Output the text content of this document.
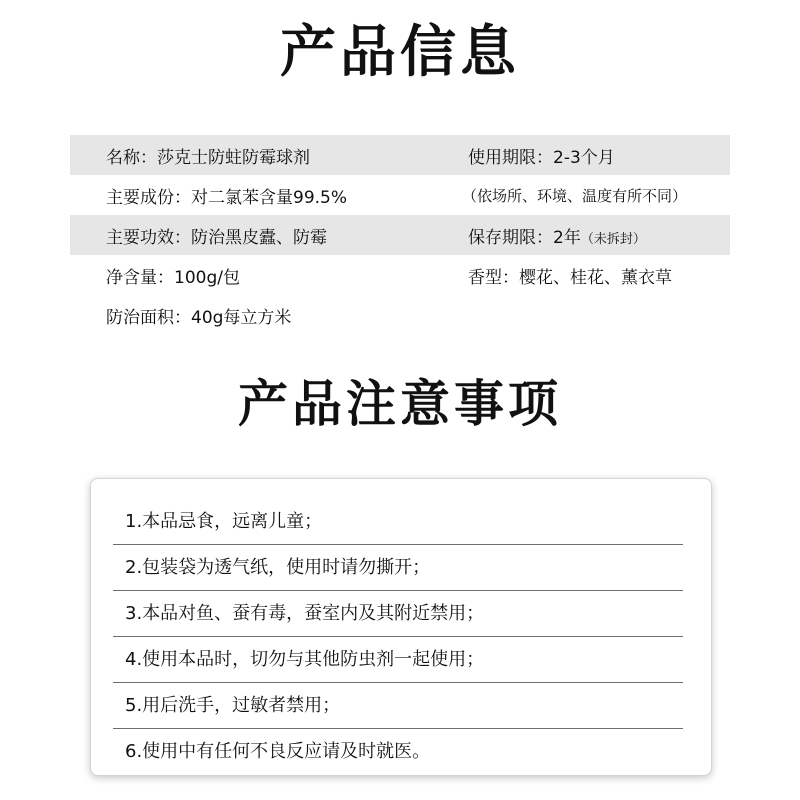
产品信息
名称：莎克士防蛀防霉球剂	使用期限：2-3个月
主要成份：对二氯苯含量99.5%	（依场所、环境、温度有所不同）
主要功效：防治黑皮蠹、防霉	保存期限：2年（未拆封）
净含量：100g/包	香型：樱花、桂花、薰衣草
防治面积：40g每立方米
产品注意事项
1.本品忌食，远离儿童；
2.包装袋为透气纸，使用时请勿撕开；
3.本品对鱼、蚕有毒，蚕室内及其附近禁用；
4.使用本品时，切勿与其他防虫剂一起使用；
5.用后洗手，过敏者禁用；
6.使用中有任何不良反应请及时就医。
